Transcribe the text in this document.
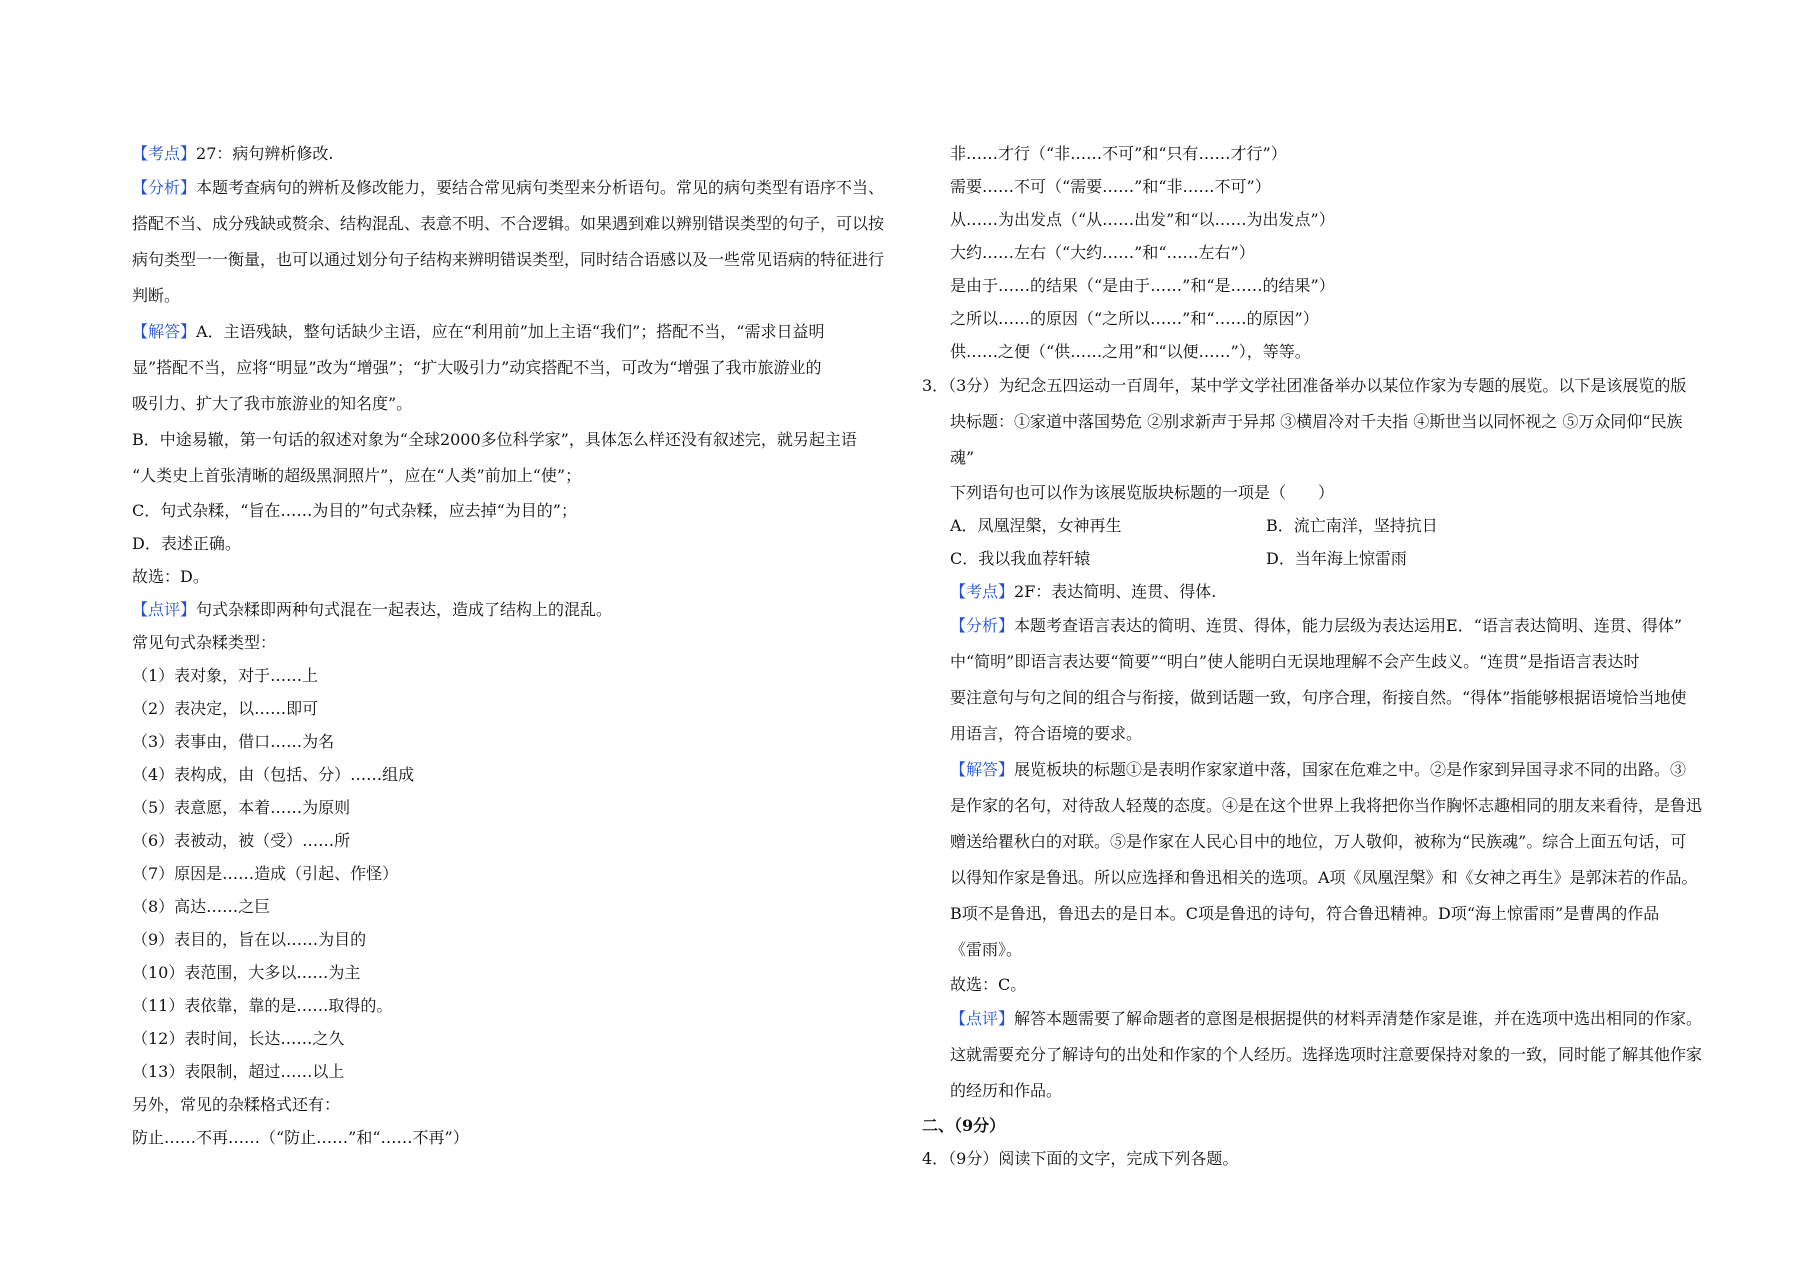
【考点】27：病句辨析修改.

【分析】本题考查病句的辨析及修改能力，要结合常见病句类型来分析语句。常见的病句类型有语序不当、

搭配不当、成分残缺或赘余、结构混乱、表意不明、不合逻辑。如果遇到难以辨别错误类型的句子，可以按

病句类型一一衡量，也可以通过划分句子结构来辨明错误类型，同时结合语感以及一些常见语病的特征进行

判断。

【解答】A．主语残缺，整句话缺少主语，应在“利用前”加上主语“我们”；搭配不当，“需求日益明

显”搭配不当，应将“明显”改为“增强”；“扩大吸引力”动宾搭配不当，可改为“增强了我市旅游业的

吸引力、扩大了我市旅游业的知名度”。

B．中途易辙，第一句话的叙述对象为“全球2000多位科学家”，具体怎么样还没有叙述完，就另起主语

“人类史上首张清晰的超级黑洞照片”，应在“人类”前加上“使”；

C．句式杂糅，“旨在……为目的”句式杂糅，应去掉“为目的”；

D．表述正确。

故选：D。

【点评】句式杂糅即两种句式混在一起表达，造成了结构上的混乱。

常见句式杂糅类型：

（1）表对象，对于……上

（2）表决定，以……即可

（3）表事由，借口……为名

（4）表构成，由（包括、分）……组成

（5）表意愿，本着……为原则

（6）表被动，被（受）……所

（7）原因是……造成（引起、作怪）

（8）高达……之巨

（9）表目的，旨在以……为目的

（10）表范围，大多以……为主

（11）表依靠，靠的是……取得的。

（12）表时间，长达……之久

（13）表限制，超过……以上

另外，常见的杂糅格式还有：

防止……不再……（“防止……”和“……不再”）

非……才行（“非……不可”和“只有……才行”）

需要……不可（“需要……”和“非……不可”）

从……为出发点（“从……出发”和“以……为出发点”）

大约……左右（“大约……”和“……左右”）

是由于……的结果（“是由于……”和“是……的结果”）

之所以……的原因（“之所以……”和“……的原因”）

供……之便（“供……之用”和“以便……”），等等。

3．（3分）为纪念五四运动一百周年，某中学文学社团准备举办以某位作家为专题的展览。以下是该展览的版

块标题：①家道中落国势危 ②别求新声于异邦 ③横眉冷对千夫指 ④斯世当以同怀视之 ⑤万众同仰“民族

魂”

下列语句也可以作为该展览版块标题的一项是（　　）

A．凤凰涅槃，女神再生	B．流亡南洋，坚持抗日
C．我以我血荐轩辕	D．当年海上惊雷雨

【考点】2F：表达简明、连贯、得体.

【分析】本题考查语言表达的简明、连贯、得体，能力层级为表达运用E．“语言表达简明、连贯、得体”

中“简明”即语言表达要“简要”“明白”使人能明白无误地理解不会产生歧义。“连贯”是指语言表达时

要注意句与句之间的组合与衔接，做到话题一致，句序合理，衔接自然。“得体”指能够根据语境恰当地使

用语言，符合语境的要求。

【解答】展览板块的标题①是表明作家家道中落，国家在危难之中。②是作家到异国寻求不同的出路。③

是作家的名句，对待敌人轻蔑的态度。④是在这个世界上我将把你当作胸怀志趣相同的朋友来看待，是鲁迅

赠送给瞿秋白的对联。⑤是作家在人民心目中的地位，万人敬仰，被称为“民族魂”。综合上面五句话，可

以得知作家是鲁迅。所以应选择和鲁迅相关的选项。A项《凤凰涅槃》和《女神之再生》是郭沫若的作品。

B项不是鲁迅，鲁迅去的是日本。C项是鲁迅的诗句，符合鲁迅精神。D项“海上惊雷雨”是曹禺的作品

《雷雨》。

故选：C。

【点评】解答本题需要了解命题者的意图是根据提供的材料弄清楚作家是谁，并在选项中选出相同的作家。

这就需要充分了解诗句的出处和作家的个人经历。选择选项时注意要保持对象的一致，同时能了解其他作家

的经历和作品。

二、（9分）

4．（9分）阅读下面的文字，完成下列各题。
